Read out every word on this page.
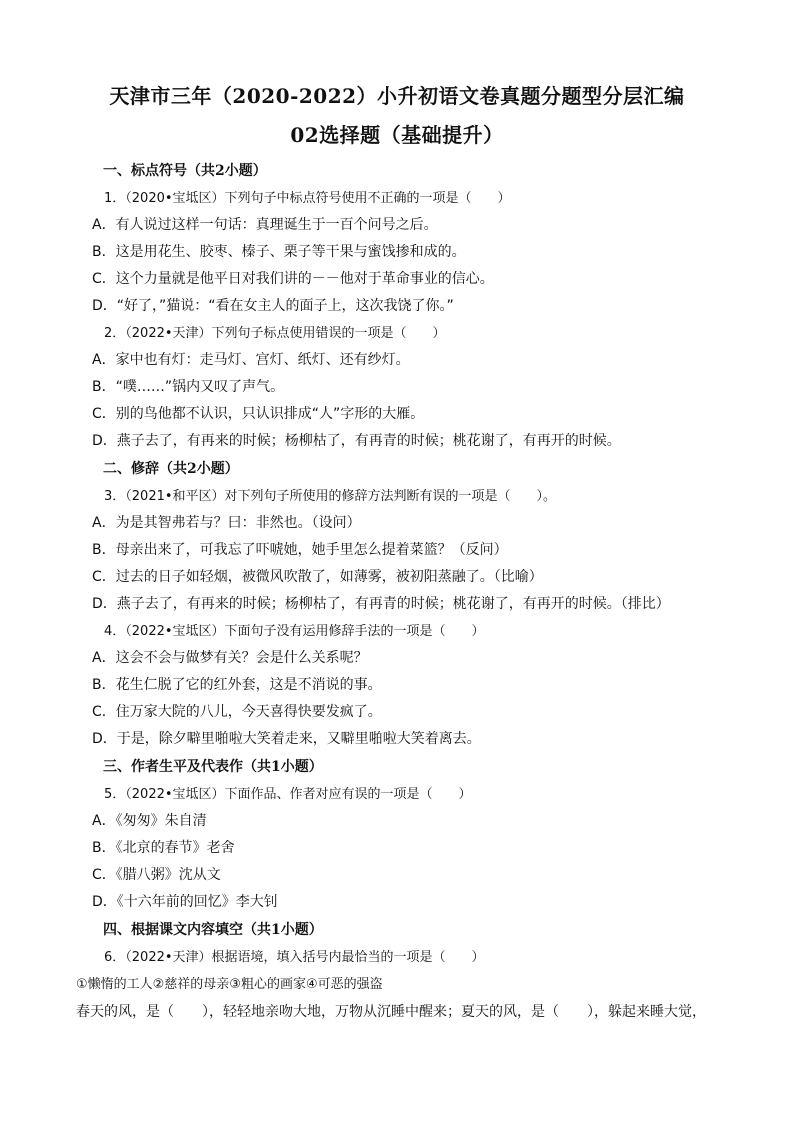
天津市三年（2020-2022）小升初语文卷真题分题型分层汇编
02选择题（基础提升）
一、标点符号（共2小题）
1．（2020•宝坻区）下列句子中标点符号使用不正确的一项是（　　）
A．有人说过这样一句话：真理诞生于一百个问号之后。
B．这是用花生、胶枣、榛子、栗子等干果与蜜饯掺和成的。
C．这个力量就是他平日对我们讲的－－他对于革命事业的信心。
D．“好了，”猫说：“看在女主人的面子上，这次我饶了你。”
2．（2022•天津）下列句子标点使用错误的一项是（　　）
A．家中也有灯：走马灯、宫灯、纸灯、还有纱灯。
B．“噗……”锅内又叹了声气。
C．别的鸟他都不认识，只认识排成“人”字形的大雁。
D．燕子去了，有再来的时候；杨柳枯了，有再青的时候；桃花谢了，有再开的时候。
二、修辞（共2小题）
3．（2021•和平区）对下列句子所使用的修辞方法判断有误的一项是（　　）。
A．为是其智弗若与？曰：非然也。（设问）
B．母亲出来了，可我忘了吓唬她，她手里怎么提着菜篮？（反问）
C．过去的日子如轻烟，被微风吹散了，如薄雾，被初阳蒸融了。（比喻）
D．燕子去了，有再来的时候；杨柳枯了，有再青的时候；桃花谢了，有再开的时候。（排比）
4．（2022•宝坻区）下面句子没有运用修辞手法的一项是（　　）
A．这会不会与做梦有关？会是什么关系呢？
B．花生仁脱了它的红外套，这是不消说的事。
C．住万家大院的八儿，今天喜得快要发疯了。
D．于是，除夕噼里啪啦大笑着走来，又噼里啪啦大笑着离去。
三、作者生平及代表作（共1小题）
5．（2022•宝坻区）下面作品、作者对应有误的一项是（　　）
A．《匆匆》朱自清
B．《北京的春节》老舍
C．《腊八粥》沈从文
D．《十六年前的回忆》李大钊
四、根据课文内容填空（共1小题）
6．（2022•天津）根据语境，填入括号内最恰当的一项是（　　）
①懒惰的工人②慈祥的母亲③粗心的画家④可恶的强盗
春天的风，是（　　），轻轻地亲吻大地，万物从沉睡中醒来；夏天的风，是（　　），躲起来睡大觉，
